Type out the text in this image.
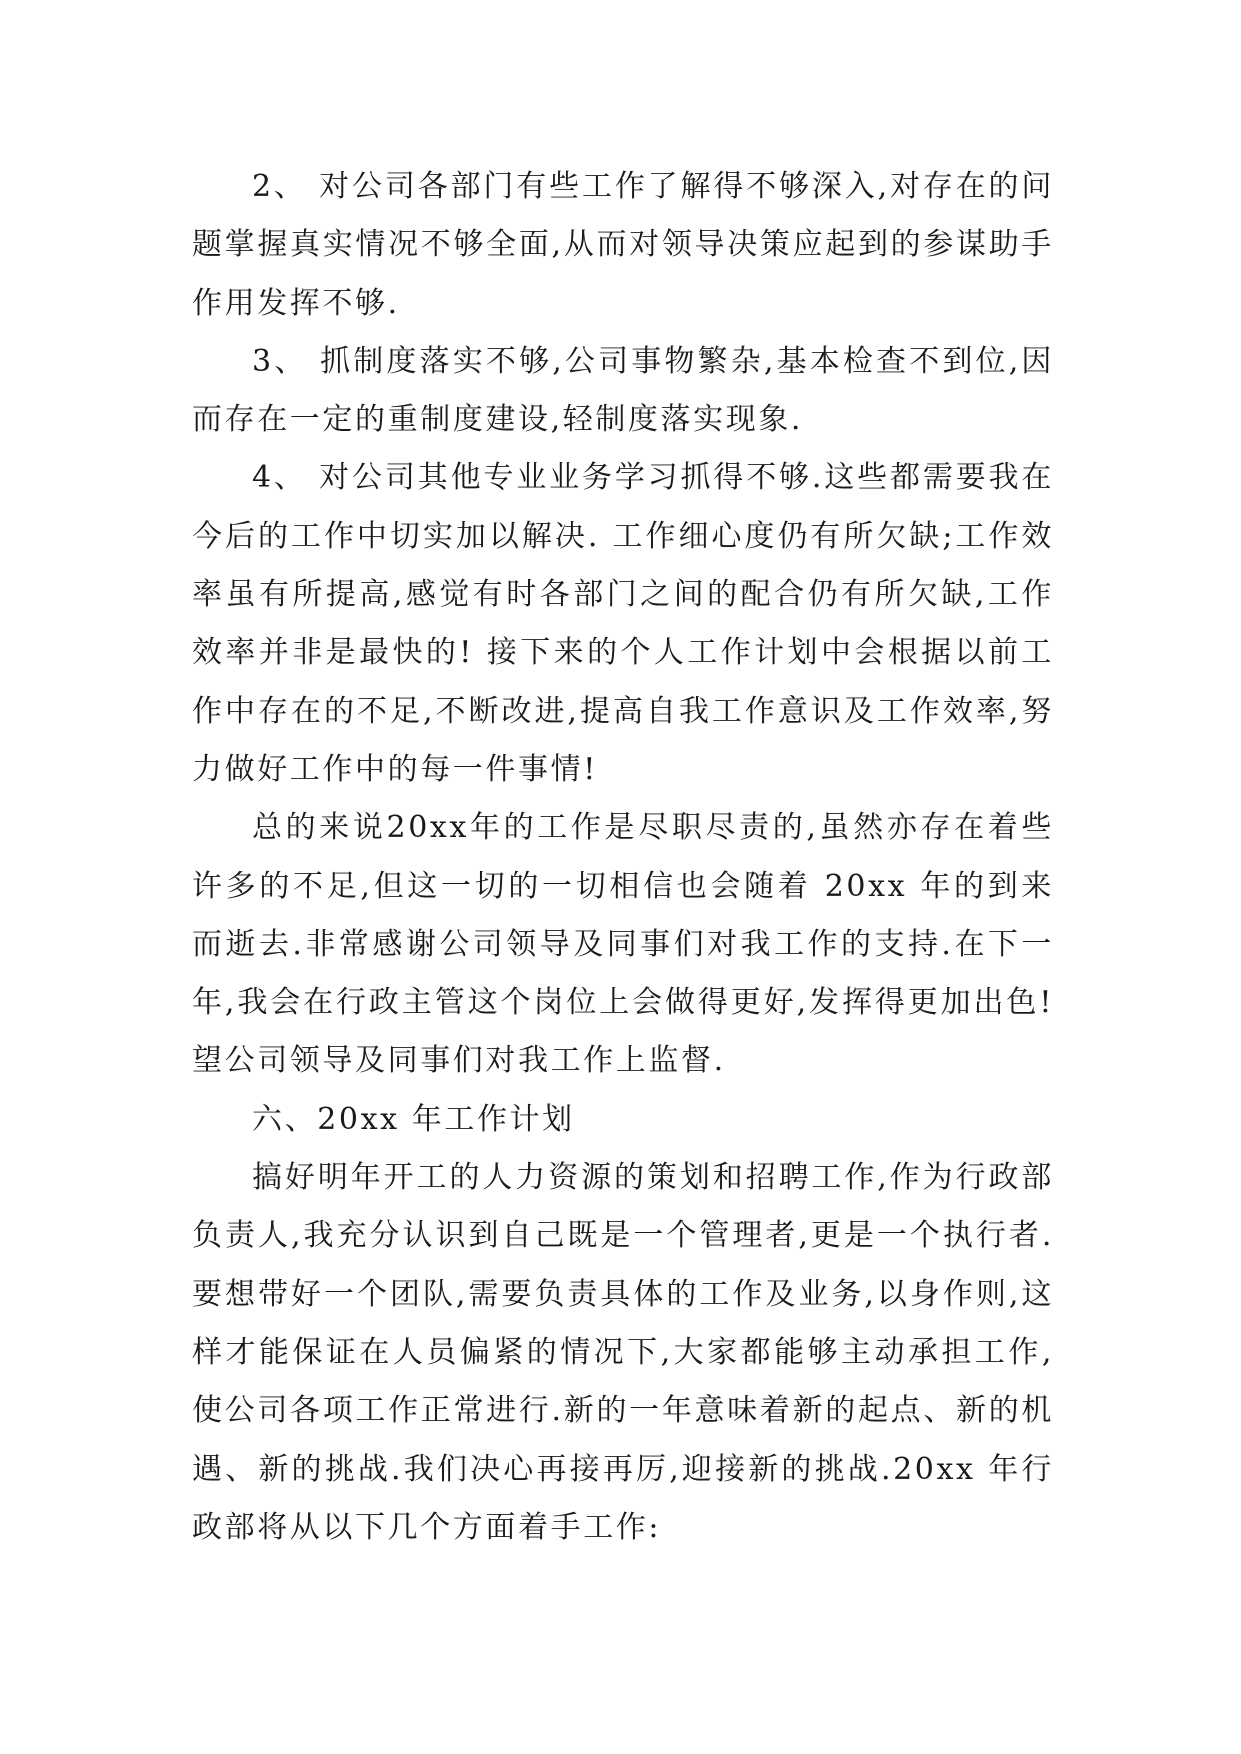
2、 对公司各部门有些工作了解得不够深入,对存在的问题掌握真实情况不够全面,从而对领导决策应起到的参谋助手作用发挥不够.

3、 抓制度落实不够,公司事物繁杂,基本检查不到位,因而存在一定的重制度建设,轻制度落实现象.

4、 对公司其他专业业务学习抓得不够.这些都需要我在今后的工作中切实加以解决. 工作细心度仍有所欠缺;工作效率虽有所提高,感觉有时各部门之间的配合仍有所欠缺,工作效率并非是最快的! 接下来的个人工作计划中会根据以前工作中存在的不足,不断改进,提高自我工作意识及工作效率,努力做好工作中的每一件事情!

总的来说20xx年的工作是尽职尽责的,虽然亦存在着些许多的不足,但这一切的一切相信也会随着 20xx 年的到来而逝去.非常感谢公司领导及同事们对我工作的支持.在下一年,我会在行政主管这个岗位上会做得更好,发挥得更加出色!望公司领导及同事们对我工作上监督.

六、20xx 年工作计划

搞好明年开工的人力资源的策划和招聘工作,作为行政部负责人,我充分认识到自己既是一个管理者,更是一个执行者.要想带好一个团队,需要负责具体的工作及业务,以身作则,这样才能保证在人员偏紧的情况下,大家都能够主动承担工作,使公司各项工作正常进行.新的一年意味着新的起点、新的机遇、新的挑战.我们决心再接再厉,迎接新的挑战.20xx 年行政部将从以下几个方面着手工作:
